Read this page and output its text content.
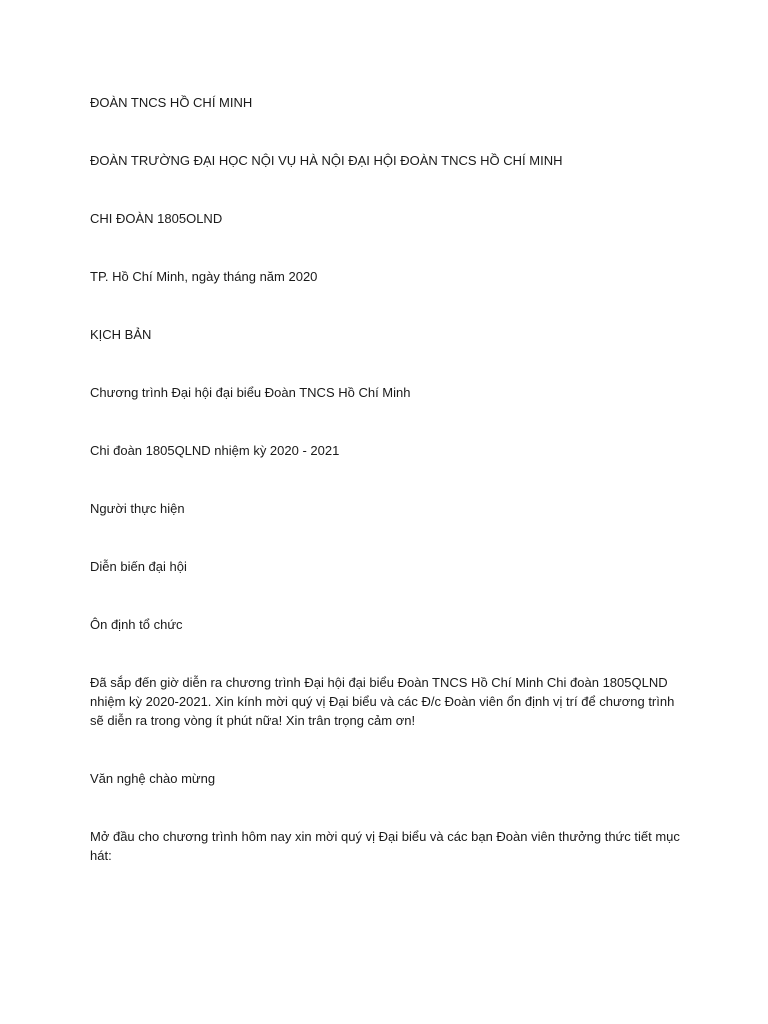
ĐOÀN TNCS HỒ CHÍ MINH

ĐOÀN TRƯỜNG ĐẠI HỌC NỘI VỤ HÀ NỘI ĐẠI HỘI ĐOÀN TNCS HỒ CHÍ MINH

CHI ĐOÀN 1805OLND

TP. Hồ Chí Minh, ngày tháng năm 2020

KỊCH BẢN

Chương trình Đại hội đại biểu Đoàn TNCS Hồ Chí Minh

Chi đoàn 1805QLND nhiệm kỳ 2020 - 2021

Người thực hiện

Diễn biến đại hội

Ôn định tổ chức

Đã sắp đến giờ diễn ra chương trình Đại hội đại biểu Đoàn TNCS Hồ Chí Minh Chi đoàn 1805QLND nhiệm kỳ 2020-2021. Xin kính mời quý vị Đại biểu và các Đ/c Đoàn viên ổn định vị trí để chương trình sẽ diễn ra trong vòng ít phút nữa! Xin trân trọng cảm ơn!

Văn nghệ chào mừng

Mở đầu cho chương trình hôm nay xin mời quý vị Đại biểu và các bạn Đoàn viên thưởng thức tiết mục hát:
